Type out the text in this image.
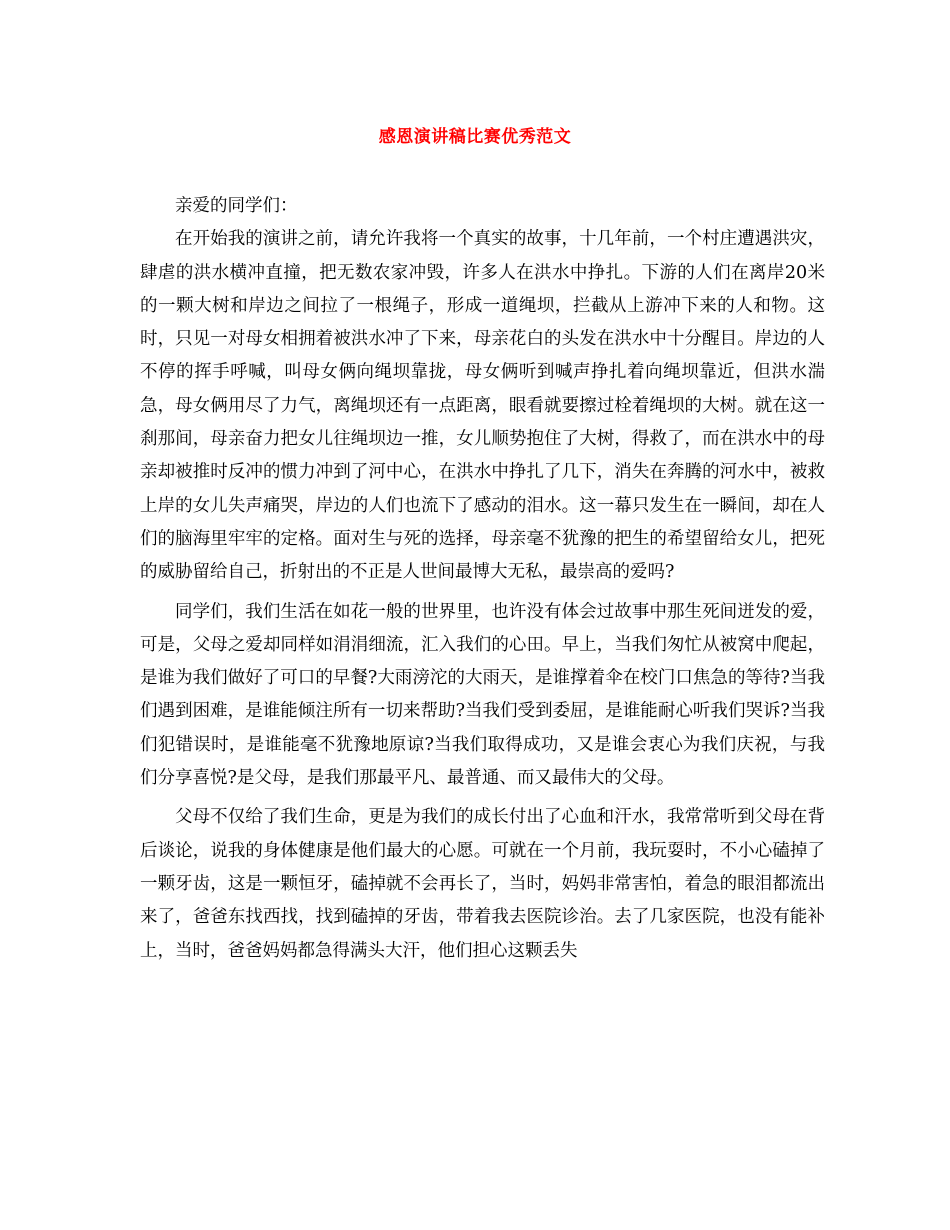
感恩演讲稿比赛优秀范文

亲爱的同学们：

在开始我的演讲之前，请允许我将一个真实的故事，十几年前，一个村庄遭遇洪灾，肆虐的洪水横冲直撞，把无数农家冲毁，许多人在洪水中挣扎。下游的人们在离岸20米的一颗大树和岸边之间拉了一根绳子，形成一道绳坝，拦截从上游冲下来的人和物。这时，只见一对母女相拥着被洪水冲了下来，母亲花白的头发在洪水中十分醒目。岸边的人不停的挥手呼喊，叫母女俩向绳坝靠拢，母女俩听到喊声挣扎着向绳坝靠近，但洪水湍急，母女俩用尽了力气，离绳坝还有一点距离，眼看就要擦过栓着绳坝的大树。就在这一刹那间，母亲奋力把女儿往绳坝边一推，女儿顺势抱住了大树，得救了，而在洪水中的母亲却被推时反冲的惯力冲到了河中心，在洪水中挣扎了几下，消失在奔腾的河水中，被救上岸的女儿失声痛哭，岸边的人们也流下了感动的泪水。这一幕只发生在一瞬间，却在人们的脑海里牢牢的定格。面对生与死的选择，母亲毫不犹豫的把生的希望留给女儿，把死的威胁留给自己，折射出的不正是人世间最博大无私，最崇高的爱吗?

同学们，我们生活在如花一般的世界里，也许没有体会过故事中那生死间迸发的爱，可是，父母之爱却同样如涓涓细流，汇入我们的心田。早上，当我们匆忙从被窝中爬起，是谁为我们做好了可口的早餐?大雨滂沱的大雨天，是谁撑着伞在校门口焦急的等待?当我们遇到困难，是谁能倾注所有一切来帮助?当我们受到委屈，是谁能耐心听我们哭诉?当我们犯错误时，是谁能毫不犹豫地原谅?当我们取得成功，又是谁会衷心为我们庆祝，与我们分享喜悦?是父母，是我们那最平凡、最普通、而又最伟大的父母。

父母不仅给了我们生命，更是为我们的成长付出了心血和汗水，我常常听到父母在背后谈论，说我的身体健康是他们最大的心愿。可就在一个月前，我玩耍时，不小心磕掉了一颗牙齿，这是一颗恒牙，磕掉就不会再长了，当时，妈妈非常害怕，着急的眼泪都流出来了，爸爸东找西找，找到磕掉的牙齿，带着我去医院诊治。去了几家医院，也没有能补上，当时，爸爸妈妈都急得满头大汗，他们担心这颗丢失
